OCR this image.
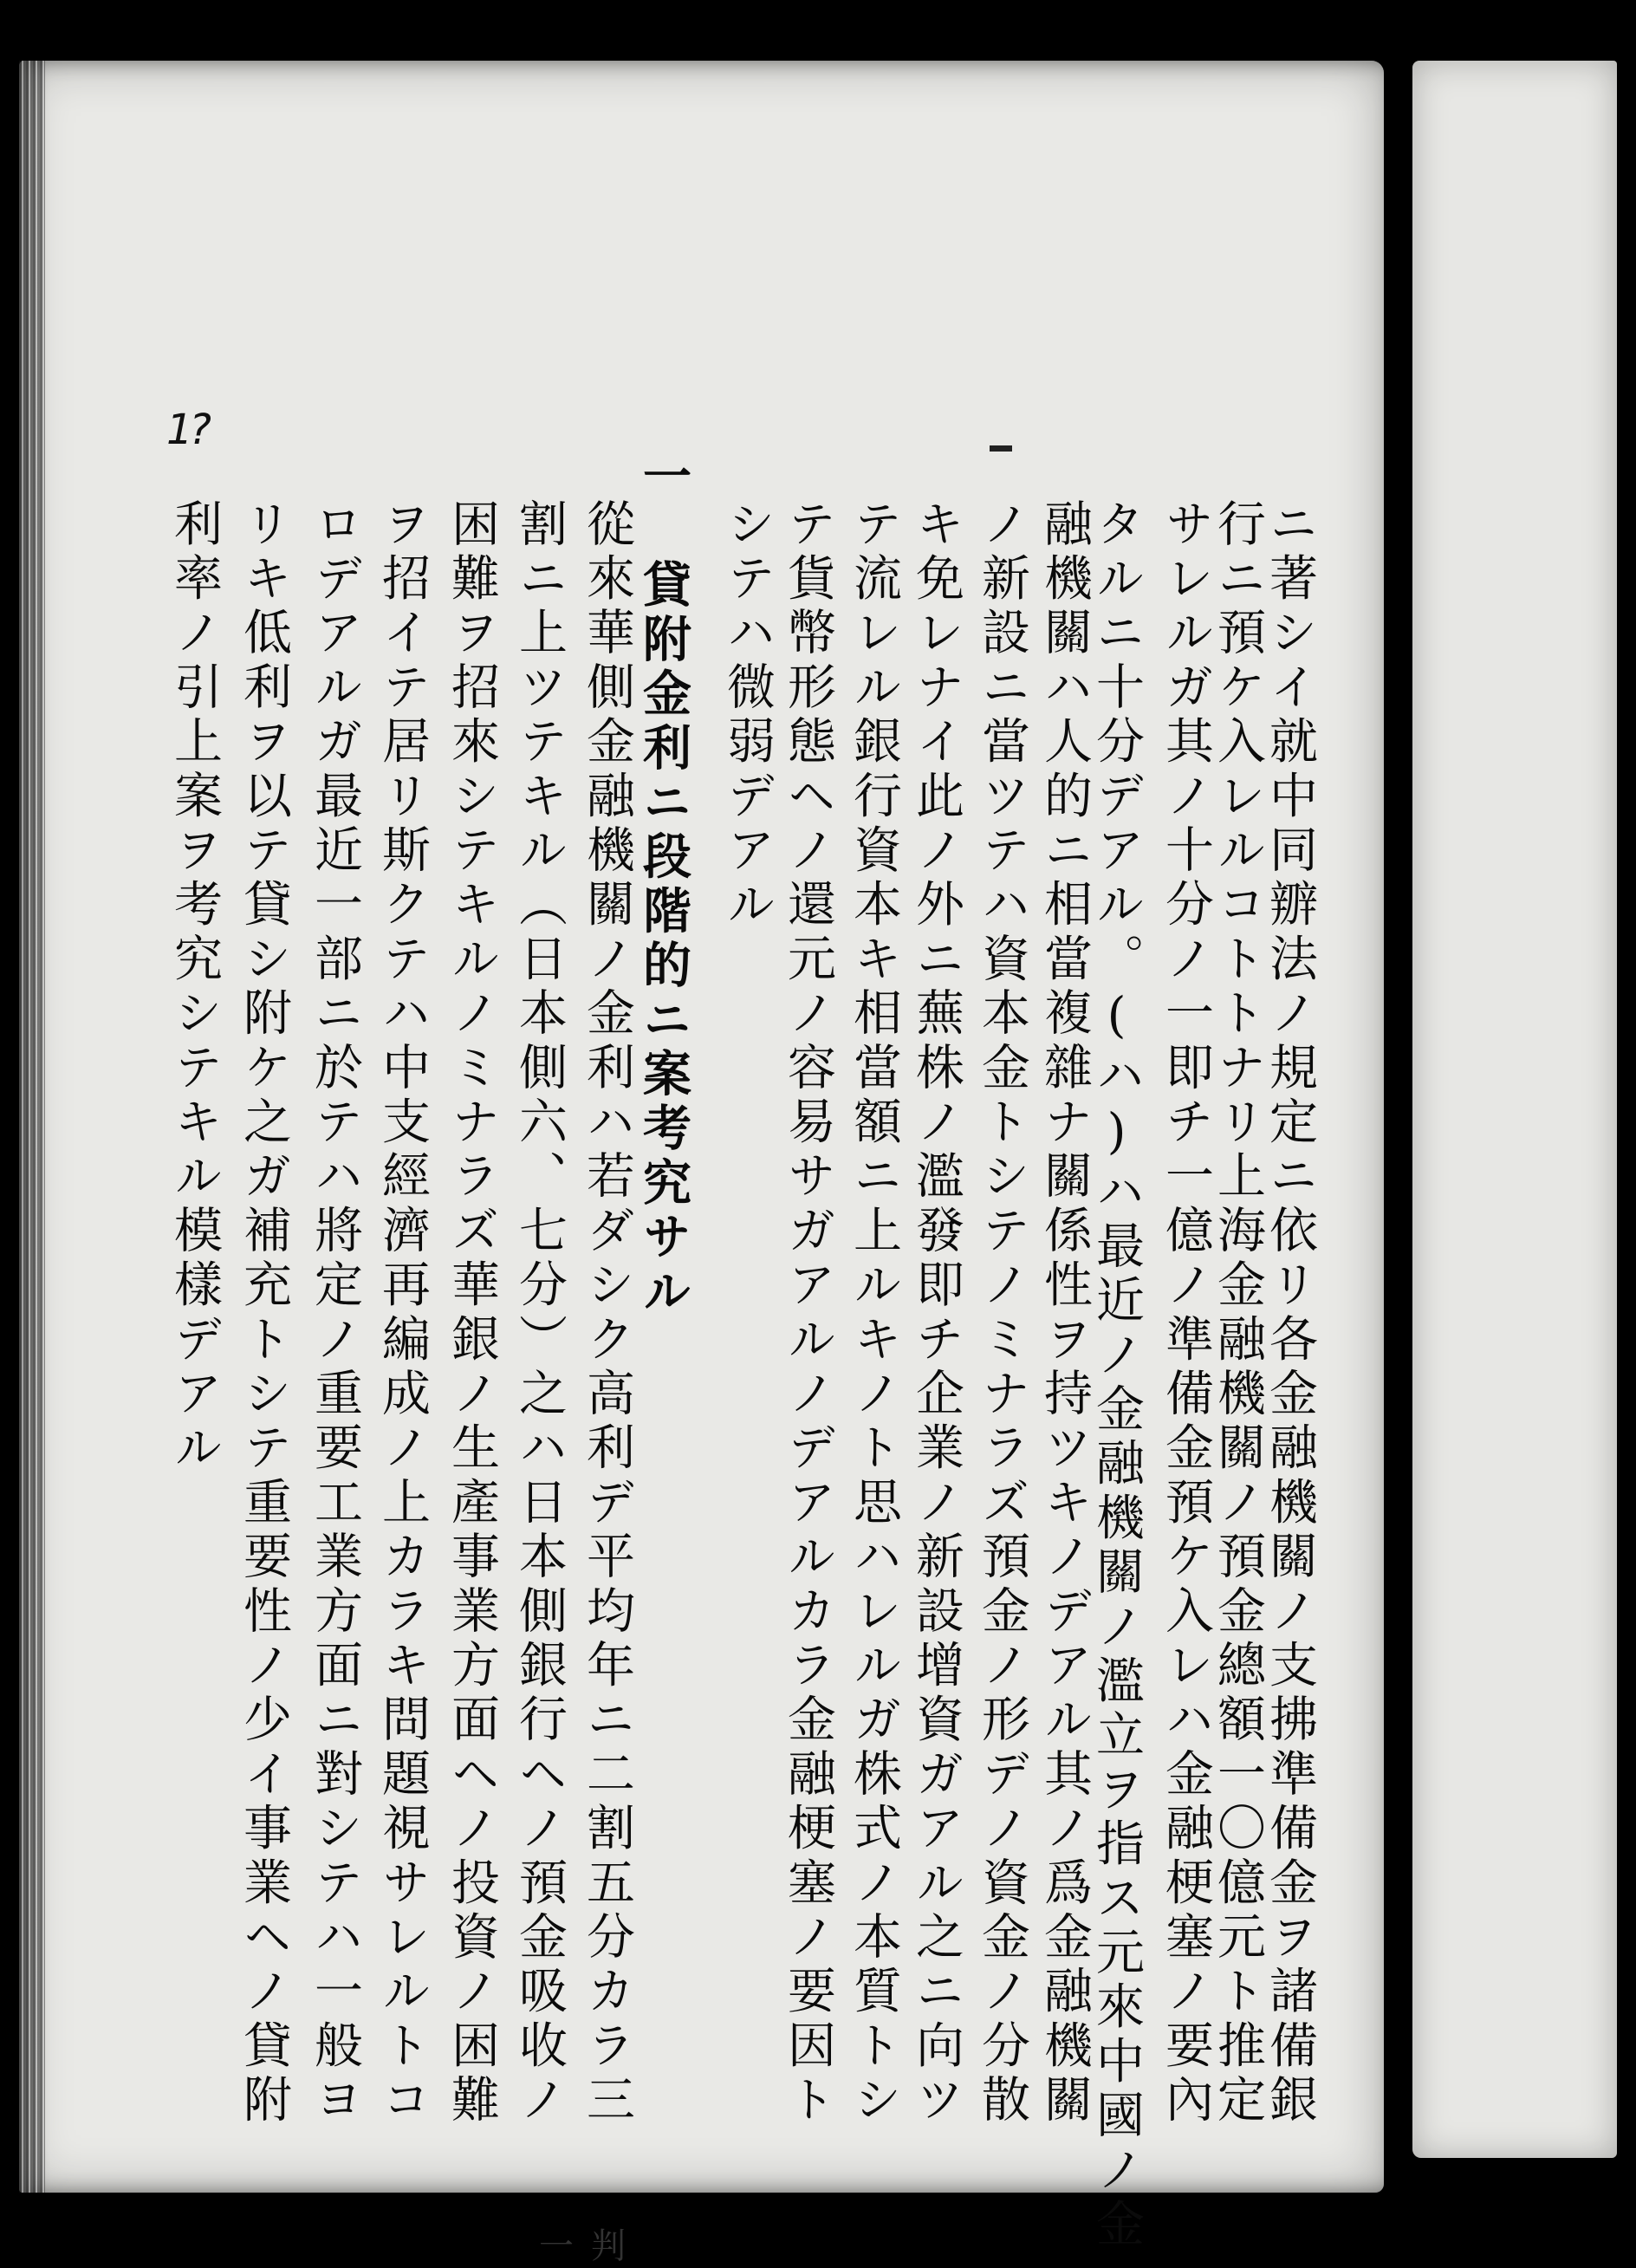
1?
ニ著シイ就中同辧法ノ規定ニ依リ各金融機關ノ支拂準備金ヲ諸備銀
行ニ預ケ入レルコトトナリ上海金融機關ノ預金總額一〇億元ト推定
サレルガ其ノ十分ノ一即チ一億ノ準備金預ケ入レハ金融梗塞ノ要內
タルニ十分デアル。(ハ)ハ最近ノ金融機關ノ濫立ヲ指ス元來中國ノ金
融機關ハ人的ニ相當複雜ナ關係性ヲ持ツキノデアル其ノ爲金融機關
ノ新設ニ當ツテハ資本金トシテノミナラズ預金ノ形デノ資金ノ分散
キ免レナイ此ノ外ニ蕪株ノ濫發即チ企業ノ新設增資ガアル之ニ向ツ
テ流レル銀行資本キ相當額ニ上ルキノト思ハレルガ株式ノ本質トシ
テ貨幣形態ヘノ還元ノ容易サガアルノデアルカラ金融梗塞ノ要因ト
シテハ微弱デアル
一　貸附金利ニ段階的ニ案考究サル
從來華側金融機關ノ金利ハ若ダシク高利デ平均年ニ二割五分カラ三
割ニ上ツテキル（日本側六、七分）之ハ日本側銀行ヘノ預金吸收ノ
困難ヲ招來シテキルノミナラズ華銀ノ生產事業方面ヘノ投資ノ困難
ヲ招イテ居リ斯クテハ中支經濟再編成ノ上カラキ問題視サレルトコ
ロデアルガ最近一部ニ於テハ將定ノ重要工業方面ニ對シテハ一般ヨ
リキ低利ヲ以テ貸シ附ケ之ガ補充トシテ重要性ノ少イ事業ヘノ貸附
利率ノ引上案ヲ考究シテキル模樣デアル
一判
